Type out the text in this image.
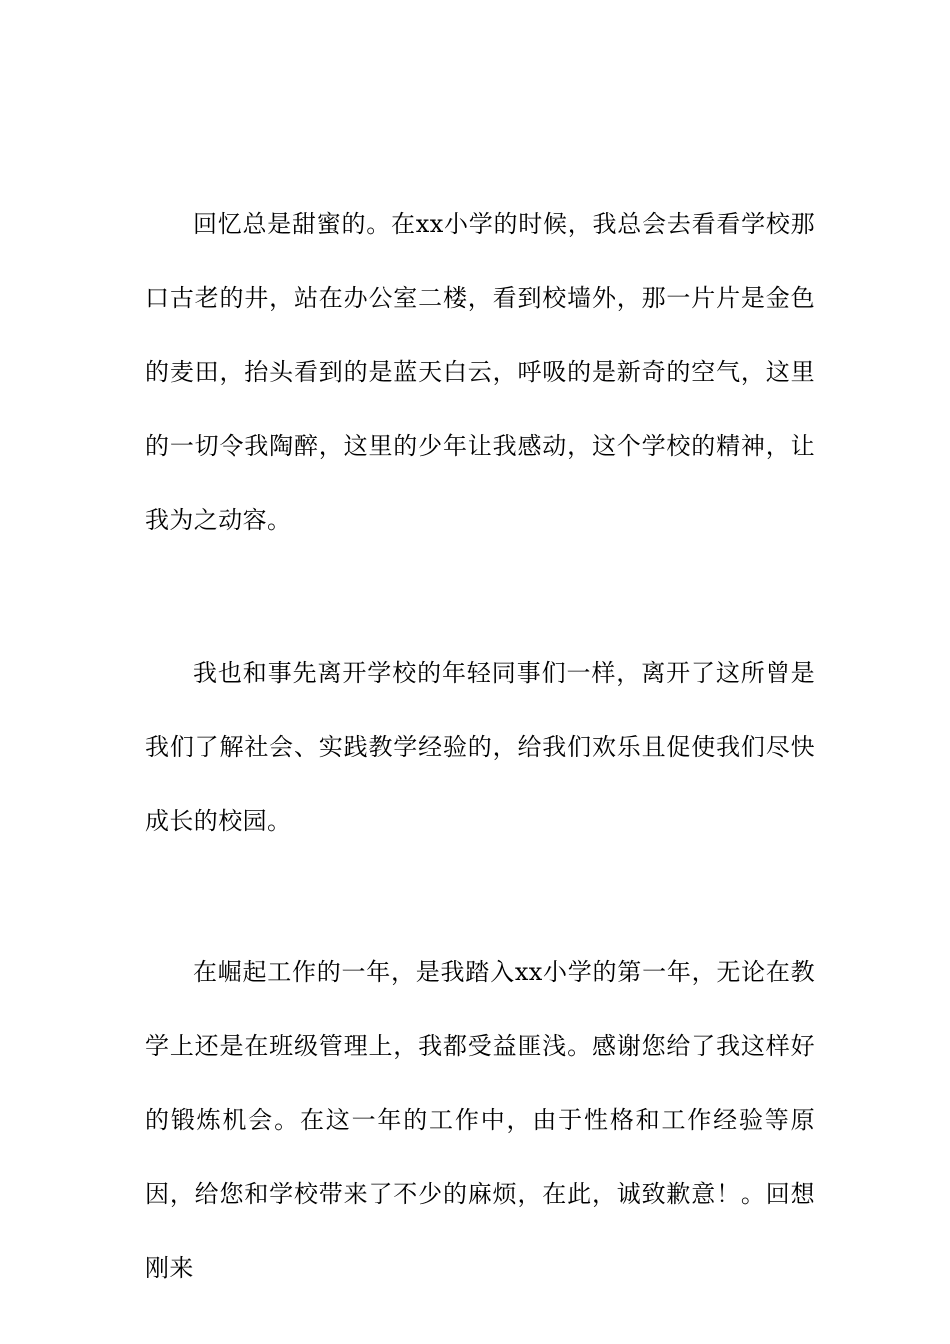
回忆总是甜蜜的。在xx小学的时候，我总会去看看学校那口古老的井，站在办公室二楼，看到校墙外，那一片片是金色的麦田，抬头看到的是蓝天白云，呼吸的是新奇的空气，这里的一切令我陶醉，这里的少年让我感动，这个学校的精神，让我为之动容。

我也和事先离开学校的年轻同事们一样，离开了这所曾是我们了解社会、实践教学经验的，给我们欢乐且促使我们尽快成长的校园。

在崛起工作的一年，是我踏入xx小学的第一年，无论在教学上还是在班级管理上，我都受益匪浅。感谢您给了我这样好的锻炼机会。在这一年的工作中，由于性格和工作经验等原因，给您和学校带来了不少的麻烦，在此，诚致歉意！。回想刚来
